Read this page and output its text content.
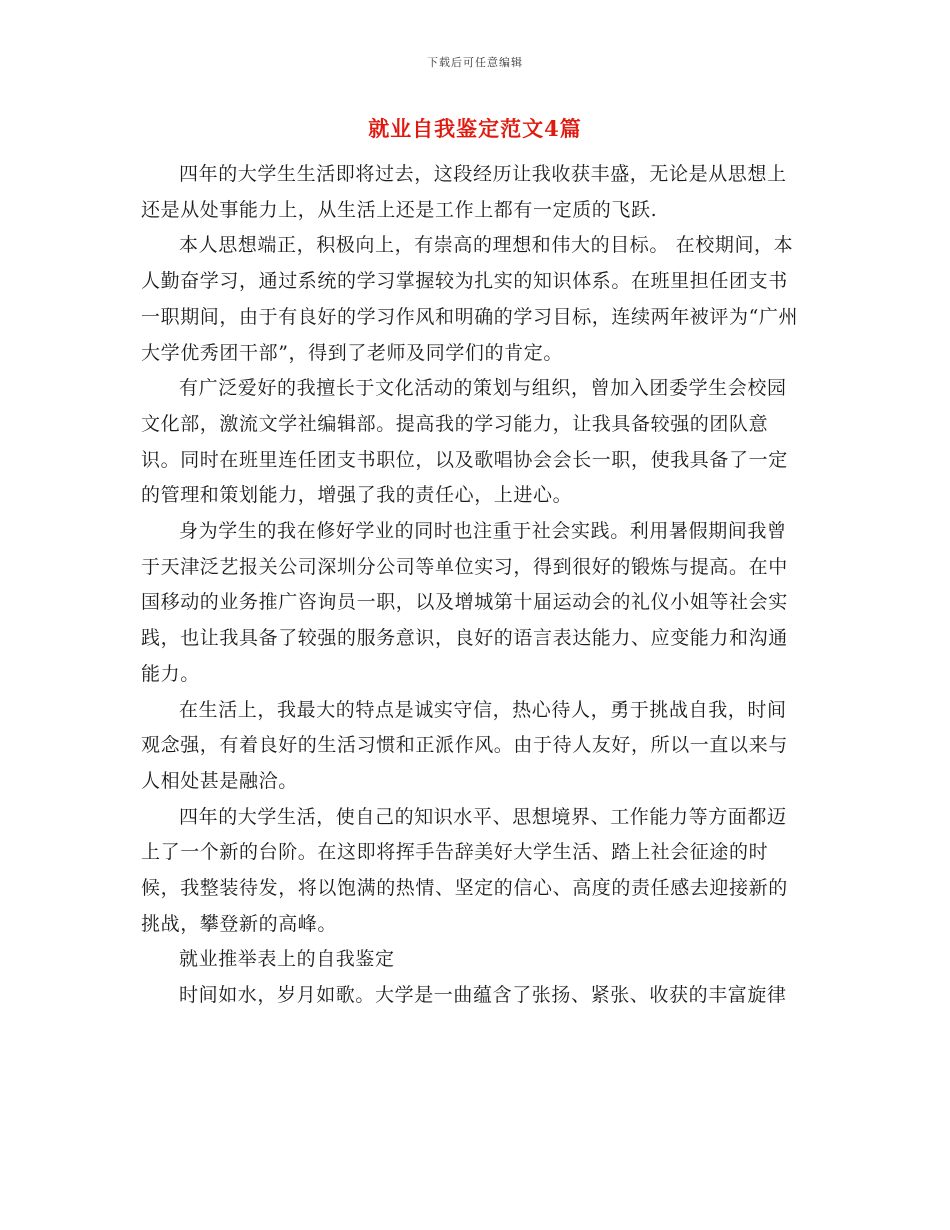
下载后可任意编辑
就业自我鉴定范文4篇

四年的大学生生活即将过去，这段经历让我收获丰盛，无论是从思想上还是从处事能力上，从生活上还是工作上都有一定质的飞跃.

本人思想端正，积极向上，有崇高的理想和伟大的目标。 在校期间，本人勤奋学习，通过系统的学习掌握较为扎实的知识体系。在班里担任团支书一职期间，由于有良好的学习作风和明确的学习目标，连续两年被评为“广州大学优秀团干部”，得到了老师及同学们的肯定。

有广泛爱好的我擅长于文化活动的策划与组织，曾加入团委学生会校园文化部，激流文学社编辑部。提高我的学习能力，让我具备较强的团队意识。同时在班里连任团支书职位，以及歌唱协会会长一职，使我具备了一定的管理和策划能力，增强了我的责任心，上进心。

身为学生的我在修好学业的同时也注重于社会实践。利用暑假期间我曾于天津泛艺报关公司深圳分公司等单位实习，得到很好的锻炼与提高。在中国移动的业务推广咨询员一职，以及增城第十届运动会的礼仪小姐等社会实践，也让我具备了较强的服务意识，良好的语言表达能力、应变能力和沟通能力。

在生活上，我最大的特点是诚实守信，热心待人，勇于挑战自我，时间观念强，有着良好的生活习惯和正派作风。由于待人友好，所以一直以来与人相处甚是融洽。

四年的大学生活，使自己的知识水平、思想境界、工作能力等方面都迈上了一个新的台阶。在这即将挥手告辞美好大学生活、踏上社会征途的时候，我整装待发，将以饱满的热情、坚定的信心、高度的责任感去迎接新的挑战，攀登新的高峰。

就业推举表上的自我鉴定

时间如水，岁月如歌。大学是一曲蕴含了张扬、紧张、收获的丰富旋律
